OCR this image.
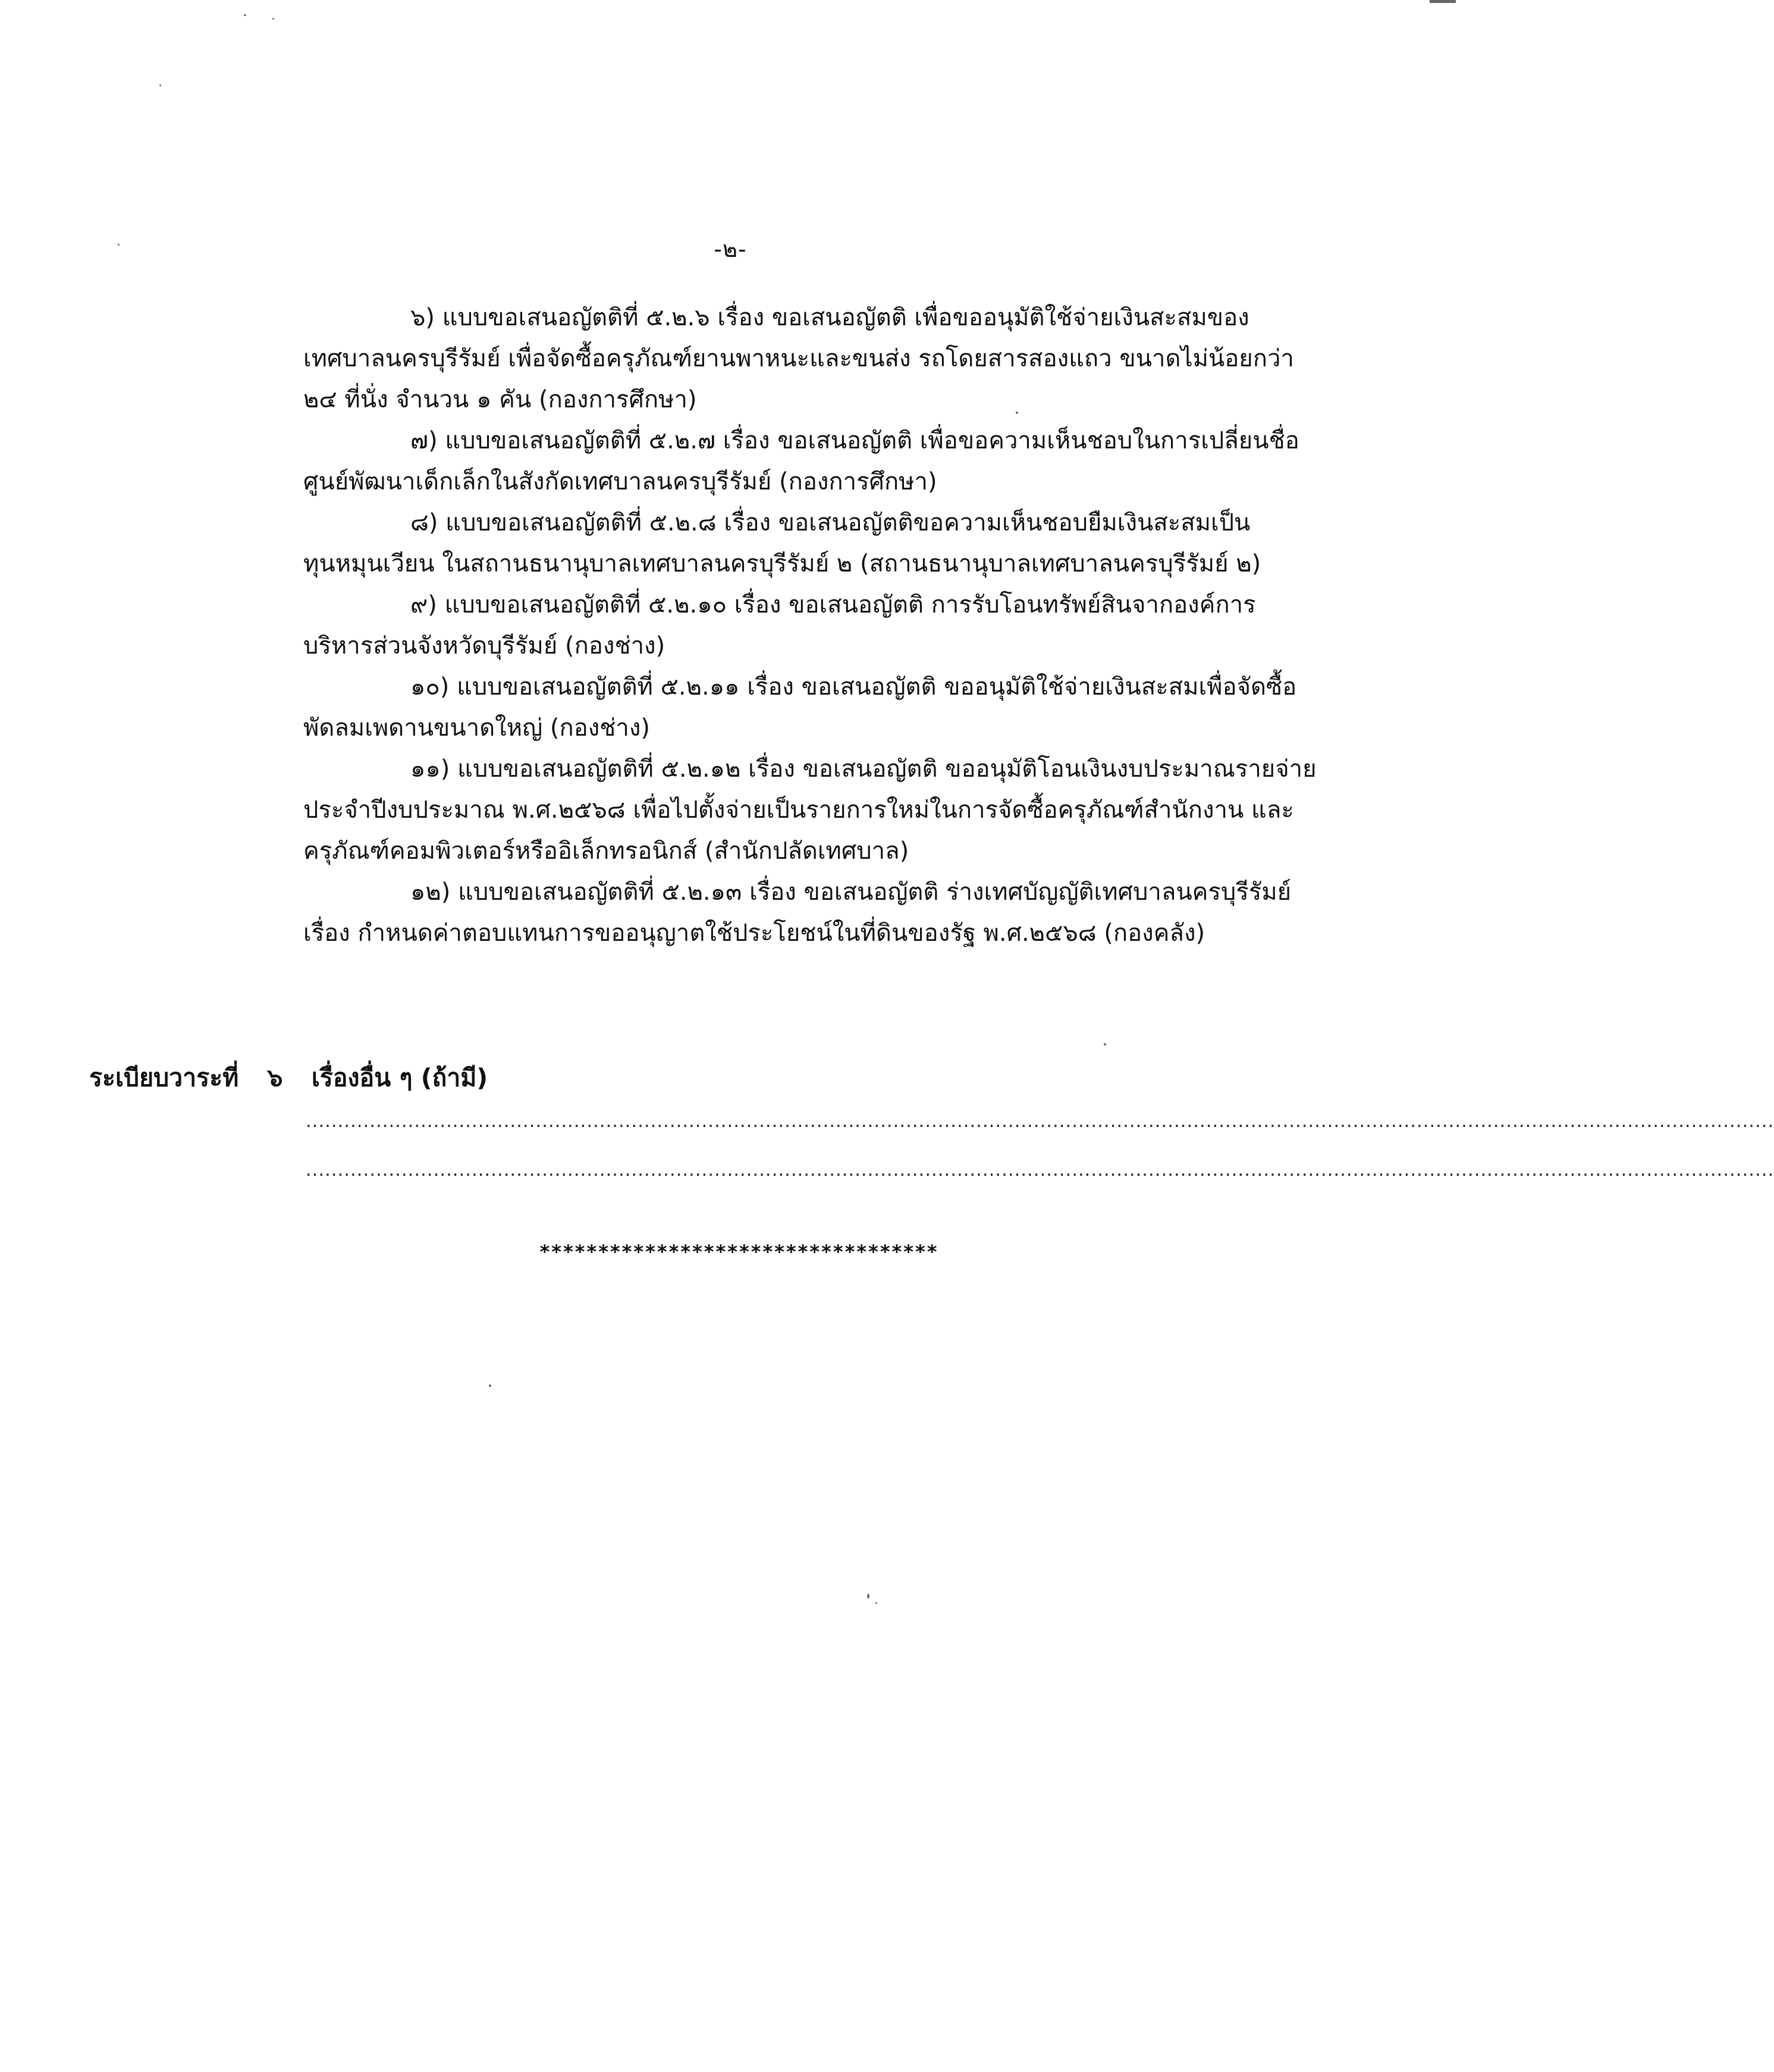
-๒-
๖) แบบขอเสนอญัตติที่ ๕.๒.๖ เรื่อง ขอเสนอญัตติ เพื่อขออนุมัติใช้จ่ายเงินสะสมของ
เทศบาลนครบุรีรัมย์ เพื่อจัดซื้อครุภัณฑ์ยานพาหนะและขนส่ง รถโดยสารสองแถว ขนาดไม่น้อยกว่า
๒๔ ที่นั่ง จำนวน ๑ คัน (กองการศึกษา)
๗) แบบขอเสนอญัตติที่ ๕.๒.๗ เรื่อง ขอเสนอญัตติ เพื่อขอความเห็นชอบในการเปลี่ยนชื่อ
ศูนย์พัฒนาเด็กเล็กในสังกัดเทศบาลนครบุรีรัมย์ (กองการศึกษา)
๘) แบบขอเสนอญัตติที่ ๕.๒.๘ เรื่อง ขอเสนอญัตติขอความเห็นชอบยืมเงินสะสมเป็น
ทุนหมุนเวียน ในสถานธนานุบาลเทศบาลนครบุรีรัมย์ ๒ (สถานธนานุบาลเทศบาลนครบุรีรัมย์ ๒)
๙) แบบขอเสนอญัตติที่ ๕.๒.๑๐ เรื่อง ขอเสนอญัตติ การรับโอนทรัพย์สินจากองค์การ
บริหารส่วนจังหวัดบุรีรัมย์ (กองช่าง)
๑๐) แบบขอเสนอญัตติที่ ๕.๒.๑๑ เรื่อง ขอเสนอญัตติ ขออนุมัติใช้จ่ายเงินสะสมเพื่อจัดซื้อ
พัดลมเพดานขนาดใหญ่ (กองช่าง)
๑๑) แบบขอเสนอญัตติที่ ๕.๒.๑๒ เรื่อง ขอเสนอญัตติ ขออนุมัติโอนเงินงบประมาณรายจ่าย
ประจำปีงบประมาณ พ.ศ.๒๕๖๘ เพื่อไปตั้งจ่ายเป็นรายการใหม่ในการจัดซื้อครุภัณฑ์สำนักงาน และ
ครุภัณฑ์คอมพิวเตอร์หรืออิเล็กทรอนิกส์ (สำนักปลัดเทศบาล)
๑๒) แบบขอเสนอญัตติที่ ๕.๒.๑๓ เรื่อง ขอเสนอญัตติ ร่างเทศบัญญัติเทศบาลนครบุรีรัมย์
เรื่อง กำหนดค่าตอบแทนการขออนุญาตใช้ประโยชน์ในที่ดินของรัฐ พ.ศ.๒๕๖๘ (กองคลัง)
ระเบียบวาระที่ ๖ เรื่องอื่น ๆ (ถ้ามี)
......................................................................................................................................................................................................................................
......................................................................................................................................................................................................................................
**********************************
